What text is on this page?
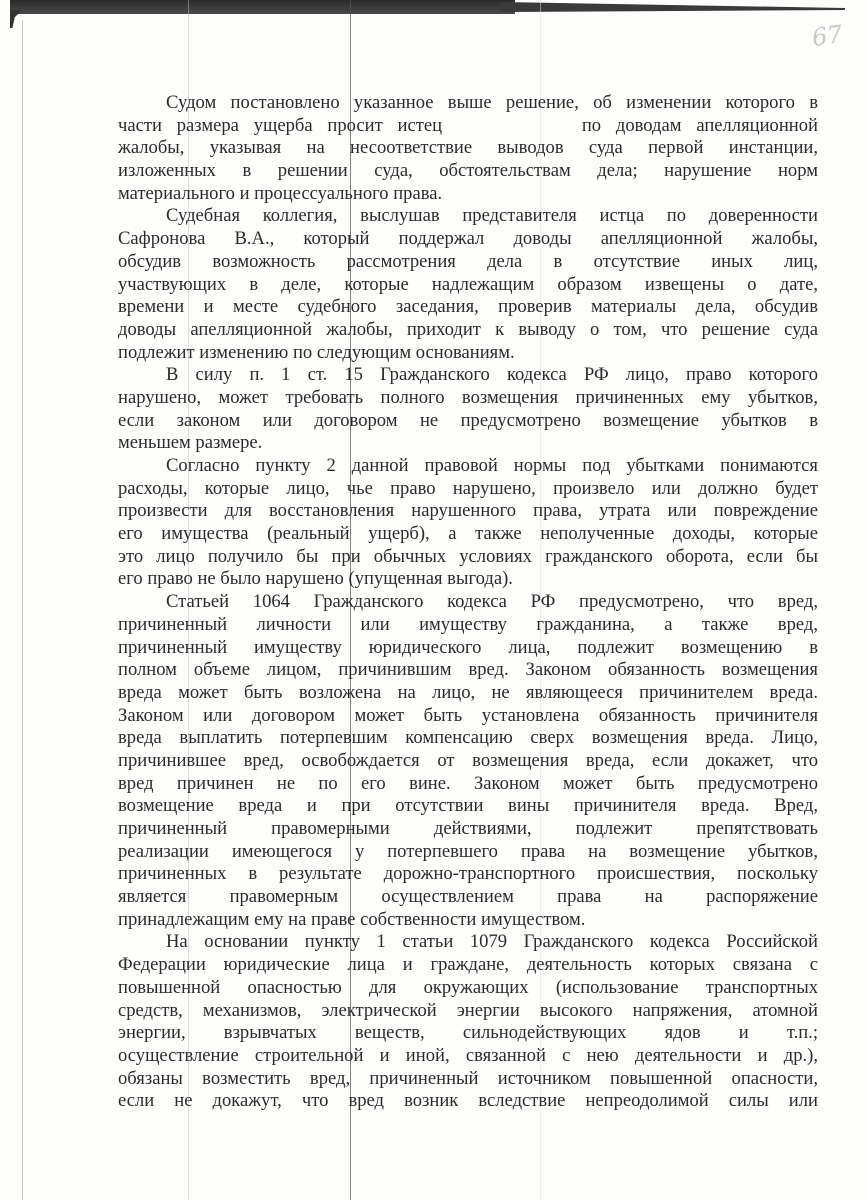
67
Судом постановлено указанное выше решение, об изменении которого в
части размера ущерба просит истец	по доводам апелляционной
жалобы, указывая на несоответствие выводов суда первой инстанции,
изложенных в решении суда, обстоятельствам дела; нарушение норм
материального и процессуального права.
Судебная коллегия, выслушав представителя истца по доверенности
Сафронова В.А., который поддержал доводы апелляционной жалобы,
обсудив возможность рассмотрения дела в отсутствие иных лиц,
участвующих в деле, которые надлежащим образом извещены о дате,
времени и месте судебного заседания, проверив материалы дела, обсудив
доводы апелляционной жалобы, приходит к выводу о том, что решение суда
подлежит изменению по следующим основаниям.
В силу п. 1 ст. 15 Гражданского кодекса РФ лицо, право которого
нарушено, может требовать полного возмещения причиненных ему убытков,
если законом или договором не предусмотрено возмещение убытков в
меньшем размере.
Согласно пункту 2 данной правовой нормы под убытками понимаются
расходы, которые лицо, чье право нарушено, произвело или должно будет
произвести для восстановления нарушенного права, утрата или повреждение
его имущества (реальный ущерб), а также неполученные доходы, которые
это лицо получило бы при обычных условиях гражданского оборота, если бы
его право не было нарушено (упущенная выгода).
Статьей 1064 Гражданского кодекса РФ предусмотрено, что вред,
причиненный личности или имуществу гражданина, а также вред,
причиненный имуществу юридического лица, подлежит возмещению в
полном объеме лицом, причинившим вред. Законом обязанность возмещения
вреда может быть возложена на лицо, не являющееся причинителем вреда.
Законом или договором может быть установлена обязанность причинителя
вреда выплатить потерпевшим компенсацию сверх возмещения вреда. Лицо,
причинившее вред, освобождается от возмещения вреда, если докажет, что
вред причинен не по его вине. Законом может быть предусмотрено
возмещение вреда и при отсутствии вины причинителя вреда. Вред,
причиненный правомерными действиями, подлежит препятствовать
реализации имеющегося у потерпевшего права на возмещение убытков,
причиненных в результате дорожно-транспортного происшествия, поскольку
является правомерным осуществлением права на распоряжение
принадлежащим ему на праве собственности имуществом.
На основании пункту 1 статьи 1079 Гражданского кодекса Российской
Федерации юридические лица и граждане, деятельность которых связана с
повышенной опасностью для окружающих (использование транспортных
средств, механизмов, электрической энергии высокого напряжения, атомной
энергии, взрывчатых веществ, сильнодействующих ядов и т.п.;
осуществление строительной и иной, связанной с нею деятельности и др.),
обязаны возместить вред, причиненный источником повышенной опасности,
если не докажут, что вред возник вследствие непреодолимой силы или
